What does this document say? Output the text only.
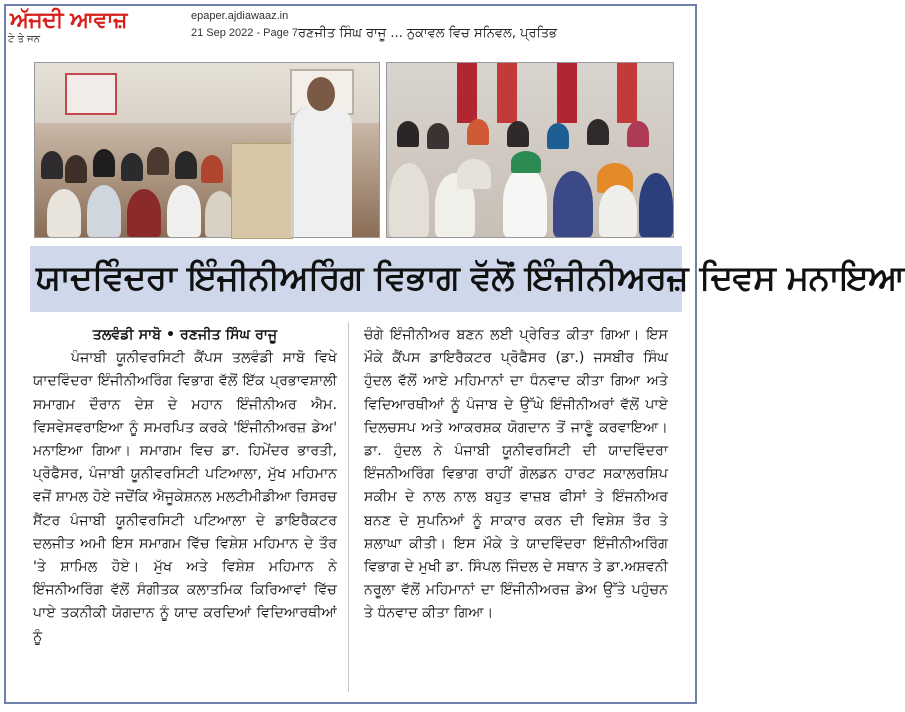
ਅੱਜਦੀ ਆਵਾਜ਼	epaper.ajdiawaaz.in
21 Sep 2022 - Page 7 ਰਣਜੀਤ ਸਿੰਘ ਰਾਜੂ ... ਨੁਕਾਵਲ ਵਿਚ ਸਨਿਵਲ, ਪ੍ਰਤਿਭ
ਟੇ ਤੇ ਜਨ
ਯਾਦਵਿੰਦਰਾ ਇੰਜੀਨੀਅਰਿੰਗ ਵਿਭਾਗ ਵੱਲੋਂ ਇੰਜੀਨੀਅਰਜ਼ ਦਿਵਸ ਮਨਾਇਆ

ਤਲਵੰਡੀ ਸਾਬੋ • ਰਣਜੀਤ ਸਿੰਘ ਰਾਜੂ

ਪੰਜਾਬੀ ਯੂਨੀਵਰਸਿਟੀ ਕੈਂਪਸ ਤਲਵੰਡੀ ਸਾਬੋ ਵਿਖੇ ਯਾਦਵਿੰਦਰਾ ਇੰਜੀਨੀਅਰਿੰਗ ਵਿਭਾਗ ਵੱਲੋਂ ਇੱਕ ਪ੍ਰਭਾਵਸ਼ਾਲੀ ਸਮਾਗਮ ਦੌਰਾਨ ਦੇਸ਼ ਦੇ ਮਹਾਨ ਇੰਜੀਨੀਅਰ ਐਮ. ਵਿਸਵੇਸਵਰਾਇਆ ਨੂੰ ਸਮਰਪਿਤ ਕਰਕੇ 'ਇੰਜੀਨੀਅਰਜ਼ ਡੇਅ' ਮਨਾਇਆ ਗਿਆ। ਸਮਾਗਮ ਵਿਚ ਡਾ. ਹਿਮੇਂਦਰ ਭਾਰਤੀ, ਪ੍ਰੋਫੈਸਰ, ਪੰਜਾਬੀ ਯੂਨੀਵਰਸਿਟੀ ਪਟਿਆਲਾ, ਮੁੱਖ ਮਹਿਮਾਨ ਵਜੋਂ ਸ਼ਾਮਲ ਹੋਏ ਜਦੋਂਕਿ ਐਜੂਕੇਸ਼ਨਲ ਮਲਟੀਮੀਡੀਆ ਰਿਸਰਚ ਸੈਂਟਰ ਪੰਜਾਬੀ ਯੂਨੀਵਰਸਿਟੀ ਪਟਿਆਲਾ ਦੇ ਡਾਇਰੈਕਟਰ ਦਲਜੀਤ ਅਮੀ ਇਸ ਸਮਾਗਮ ਵਿੱਚ ਵਿਸ਼ੇਸ਼ ਮਹਿਮਾਨ ਦੇ ਤੌਰ 'ਤੇ ਸ਼ਾਮਿਲ ਹੋਏ। ਮੁੱਖ ਅਤੇ ਵਿਸ਼ੇਸ਼ ਮਹਿਮਾਨ ਨੇ ਇੰਜਨੀਅਰਿੰਗ ਵੱਲੋਂ ਸੰਗੀਤਕ ਕਲਾਤਮਿਕ ਕਿਰਿਆਵਾਂ ਵਿੱਚ ਪਾਏ ਤਕਨੀਕੀ ਯੋਗਦਾਨ ਨੂੰ ਯਾਦ ਕਰਦਿਆਂ ਵਿਦਿਆਰਥੀਆਂ ਨੂੰ

ਚੰਗੇ ਇੰਜੀਨੀਅਰ ਬਣਨ ਲਈ ਪ੍ਰੇਰਿਤ ਕੀਤਾ ਗਿਆ। ਇਸ ਮੌਕੇ ਕੈਂਪਸ ਡਾਇਰੈਕਟਰ ਪ੍ਰੋਫੈਸਰ (ਡਾ.) ਜਸਬੀਰ ਸਿੰਘ ਹੁੰਦਲ ਵੱਲੋਂ ਆਏ ਮਹਿਮਾਨਾਂ ਦਾ ਧੰਨਵਾਦ ਕੀਤਾ ਗਿਆ ਅਤੇ ਵਿਦਿਆਰਥੀਆਂ ਨੂੰ ਪੰਜਾਬ ਦੇ ਉੱਘੇ ਇੰਜੀਨੀਅਰਾਂ ਵੱਲੋਂ ਪਾਏ ਦਿਲਚਸਪ ਅਤੇ ਆਕਰਸ਼ਕ ਯੋਗਦਾਨ ਤੋਂ ਜਾਣੂੰ ਕਰਵਾਇਆ। ਡਾ. ਹੁੰਦਲ ਨੇ ਪੰਜਾਬੀ ਯੂਨੀਵਰਸਿਟੀ ਦੀ ਯਾਦਵਿੰਦਰਾ ਇੰਜਨੀਅਰਿੰਗ ਵਿਭਾਗ ਰਾਹੀਂ ਗੋਲਡਨ ਹਾਰਟ ਸਕਾਲਰਸ਼ਿਪ ਸਕੀਮ ਦੇ ਨਾਲ ਨਾਲ ਬਹੁਤ ਵਾਜ਼ਬ ਫੀਸਾਂ ਤੇ ਇੰਜਨੀਅਰ ਬਨਣ ਦੇ ਸੁਪਨਿਆਂ ਨੂੰ ਸਾਕਾਰ ਕਰਨ ਦੀ ਵਿਸ਼ੇਸ਼ ਤੌਰ ਤੇ ਸ਼ਲਾਘਾ ਕੀਤੀ। ਇਸ ਮੌਕੇ ਤੇ ਯਾਦਵਿੰਦਰਾ ਇੰਜੀਨੀਅਰਿੰਗ ਵਿਭਾਗ ਦੇ ਮੁਖੀ ਡਾ. ਸਿੰਪਲ ਜਿੰਦਲ ਦੇ ਸਥਾਨ ਤੇ ਡਾ.ਅਸ਼ਵਨੀ ਨਰੂਲਾ ਵੱਲੋਂ ਮਹਿਮਾਨਾਂ ਦਾ ਇੰਜੀਨੀਅਰਜ਼ ਡੇਅ ਉੱਤੇ ਪਹੁੰਚਨ ਤੇ ਧੰਨਵਾਦ ਕੀਤਾ ਗਿਆ।
